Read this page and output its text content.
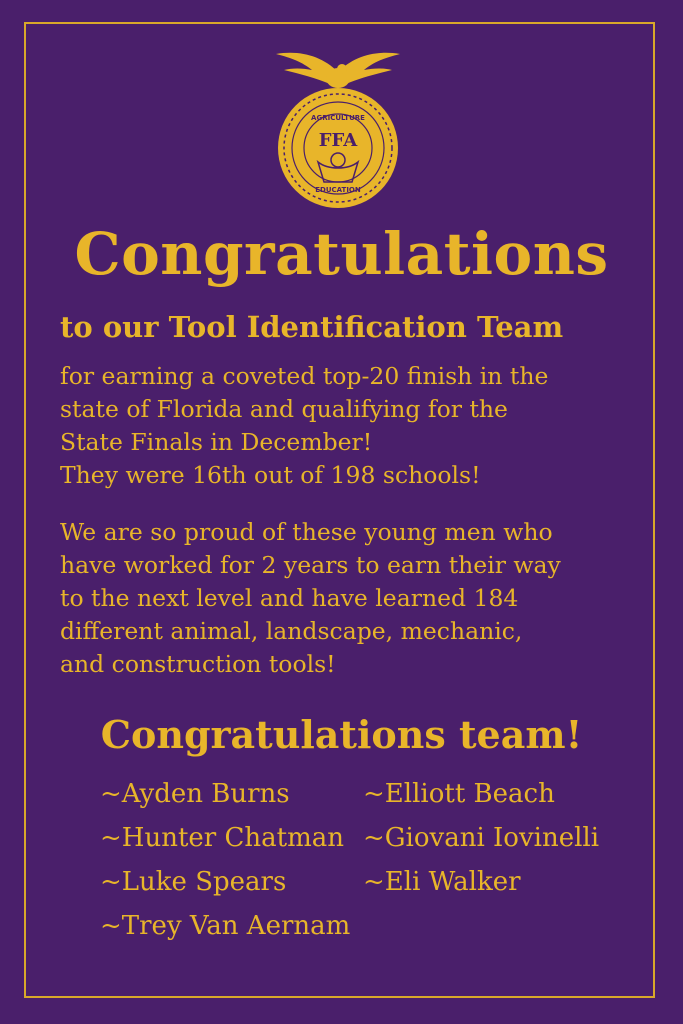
FFA
AGRICULTURE
EDUCATION
Congratulations
to our Tool Identification Team
for earning a coveted top-20 finish in the
state of Florida and qualifying for the
State Finals in December!
They were 16th out of 198 schools!
We are so proud of these young men who
have worked for 2 years to earn their way
to the next level and have learned 184
different animal, landscape, mechanic,
and construction tools!
Congratulations team!
~Ayden Burns
~Hunter Chatman
~Luke Spears
~Trey Van Aernam
~Elliott Beach
~Giovani Iovinelli
~Eli Walker
